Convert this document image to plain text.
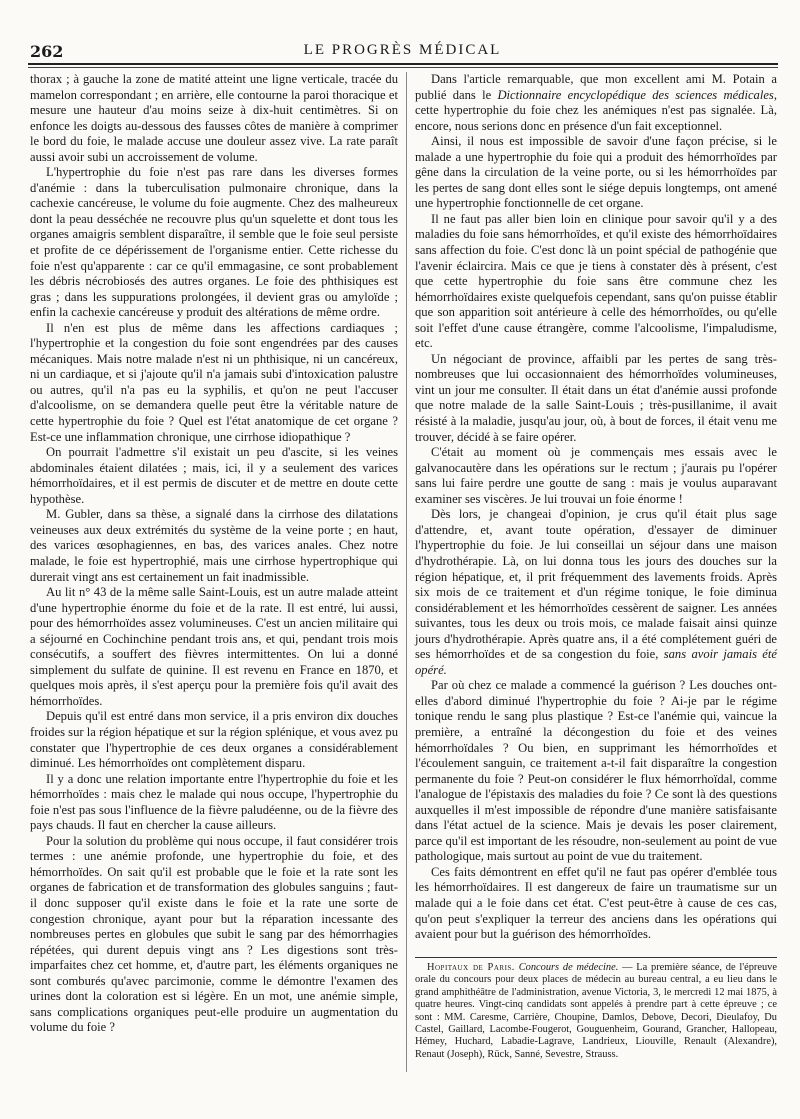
262	LE PROGRÈS MÉDICAL

thorax ; à gauche la zone de matité atteint une ligne verticale, tracée du mamelon correspondant ; en arrière, elle contourne la paroi thoracique et mesure une hauteur d'au moins seize à dix-huit centimètres. Si on enfonce les doigts au-dessous des fausses côtes de manière à comprimer le bord du foie, le malade accuse une douleur assez vive. La rate paraît aussi avoir subi un accroissement de volume.

L'hypertrophie du foie n'est pas rare dans les diverses formes d'anémie : dans la tuberculisation pulmonaire chronique, dans la cachexie cancéreuse, le volume du foie augmente. Chez des malheureux dont la peau desséchée ne recouvre plus qu'un squelette et dont tous les organes amaigris semblent disparaître, il semble que le foie seul persiste et profite de ce dépérissement de l'organisme entier. Cette richesse du foie n'est qu'apparente : car ce qu'il emmagasine, ce sont probablement les débris nécrobiosés des autres organes. Le foie des phthisiques est gras ; dans les suppurations prolongées, il devient gras ou amyloïde ; enfin la cachexie cancéreuse y produit des altérations de même ordre.

Il n'en est plus de même dans les affections cardiaques ; l'hypertrophie et la congestion du foie sont engendrées par des causes mécaniques. Mais notre malade n'est ni un phthisique, ni un cancéreux, ni un cardiaque, et si j'ajoute qu'il n'a jamais subi d'intoxication palustre ou autres, qu'il n'a pas eu la syphilis, et qu'on ne peut l'accuser d'alcoolisme, on se demandera quelle peut être la véritable nature de cette hypertrophie du foie ? Quel est l'état anatomique de cet organe ? Est-ce une inflammation chronique, une cirrhose idiopathique ?

On pourrait l'admettre s'il existait un peu d'ascite, si les veines abdominales étaient dilatées ; mais, ici, il y a seulement des varices hémorrhoïdaires, et il est permis de discuter et de mettre en doute cette hypothèse.

M. Gubler, dans sa thèse, a signalé dans la cirrhose des dilatations veineuses aux deux extrémités du système de la veine porte ; en haut, des varices œsophagiennes, en bas, des varices anales. Chez notre malade, le foie est hypertrophié, mais une cirrhose hypertrophique qui durerait vingt ans est certainement un fait inadmissible.

Au lit n° 43 de la même salle Saint-Louis, est un autre malade atteint d'une hypertrophie énorme du foie et de la rate. Il est entré, lui aussi, pour des hémorrhoïdes assez volumineuses. C'est un ancien militaire qui a séjourné en Cochinchine pendant trois ans, et qui, pendant trois mois consécutifs, a souffert des fièvres intermittentes. On lui a donné simplement du sulfate de quinine. Il est revenu en France en 1870, et quelques mois après, il s'est aperçu pour la première fois qu'il avait des hémorrhoïdes.

Depuis qu'il est entré dans mon service, il a pris environ dix douches froides sur la région hépatique et sur la région splénique, et vous avez pu constater que l'hypertrophie de ces deux organes a considérablement diminué. Les hémorrhoïdes ont complètement disparu.

Il y a donc une relation importante entre l'hypertrophie du foie et les hémorrhoïdes : mais chez le malade qui nous occupe, l'hypertrophie du foie n'est pas sous l'influence de la fièvre paludéenne, ou de la fièvre des pays chauds. Il faut en chercher la cause ailleurs.

Pour la solution du problème qui nous occupe, il faut considérer trois termes : une anémie profonde, une hypertrophie du foie, et des hémorrhoïdes. On sait qu'il est probable que le foie et la rate sont les organes de fabrication et de transformation des globules sanguins ; faut-il donc supposer qu'il existe dans le foie et la rate une sorte de congestion chronique, ayant pour but la réparation incessante des nombreuses pertes en globules que subit le sang par des hémorrhagies répétées, qui durent depuis vingt ans ? Les digestions sont très-imparfaites chez cet homme, et, d'autre part, les éléments organiques ne sont comburés qu'avec parcimonie, comme le démontre l'examen des urines dont la coloration est si légère. En un mot, une anémie simple, sans complications organiques peut-elle produire un augmentation du volume du foie ?

Dans l'article remarquable, que mon excellent ami M. Potain a publié dans le Dictionnaire encyclopédique des sciences médicales, cette hypertrophie du foie chez les anémiques n'est pas signalée. Là, encore, nous serions donc en présence d'un fait exceptionnel.

Ainsi, il nous est impossible de savoir d'une façon précise, si le malade a une hypertrophie du foie qui a produit des hémorrhoïdes par gêne dans la circulation de la veine porte, ou si les hémorrhoïdes par les pertes de sang dont elles sont le siége depuis longtemps, ont amené une hypertrophie fonctionnelle de cet organe.

Il ne faut pas aller bien loin en clinique pour savoir qu'il y a des maladies du foie sans hémorrhoïdes, et qu'il existe des hémorrhoïdaires sans affection du foie. C'est donc là un point spécial de pathogénie que l'avenir éclaircira. Mais ce que je tiens à constater dès à présent, c'est que cette hypertrophie du foie sans être commune chez les hémorrhoïdaires existe quelquefois cependant, sans qu'on puisse établir que son apparition soit antérieure à celle des hémorrhoïdes, ou qu'elle soit l'effet d'une cause étrangère, comme l'alcoolisme, l'impaludisme, etc.

Un négociant de province, affaibli par les pertes de sang très-nombreuses que lui occasionnaient des hémorrhoïdes volumineuses, vint un jour me consulter. Il était dans un état d'anémie aussi profonde que notre malade de la salle Saint-Louis ; très-pusillanime, il avait résisté à la maladie, jusqu'au jour, où, à bout de forces, il était venu me trouver, décidé à se faire opérer.

C'était au moment où je commençais mes essais avec le galvanocautère dans les opérations sur le rectum ; j'aurais pu l'opérer sans lui faire perdre une goutte de sang : mais je voulus auparavant examiner ses viscères. Je lui trouvai un foie énorme !

Dès lors, je changeai d'opinion, je crus qu'il était plus sage d'attendre, et, avant toute opération, d'essayer de diminuer l'hypertrophie du foie. Je lui conseillai un séjour dans une maison d'hydrothérapie. Là, on lui donna tous les jours des douches sur la région hépatique, et, il prit fréquemment des lavements froids. Après six mois de ce traitement et d'un régime tonique, le foie diminua considérablement et les hémorrhoïdes cessèrent de saigner. Les années suivantes, tous les deux ou trois mois, ce malade faisait ainsi quinze jours d'hydrothérapie. Après quatre ans, il a été complétement guéri de ses hémorrhoïdes et de sa congestion du foie, sans avoir jamais été opéré.

Par où chez ce malade a commencé la guérison ? Les douches ont-elles d'abord diminué l'hypertrophie du foie ? Ai-je par le régime tonique rendu le sang plus plastique ? Est-ce l'anémie qui, vaincue la première, a entraîné la décongestion du foie et des veines hémorrhoïdales ? Ou bien, en supprimant les hémorrhoïdes et l'écoulement sanguin, ce traitement a-t-il fait disparaître la congestion permanente du foie ? Peut-on considérer le flux hémorrhoïdal, comme l'analogue de l'épistaxis des maladies du foie ? Ce sont là des questions auxquelles il m'est impossible de répondre d'une manière satisfaisante dans l'état actuel de la science. Mais je devais les poser clairement, parce qu'il est important de les résoudre, non-seulement au point de vue pathologique, mais surtout au point de vue du traitement.

Ces faits démontrent en effet qu'il ne faut pas opérer d'emblée tous les hémorrhoïdaires. Il est dangereux de faire un traumatisme sur un malade qui a le foie dans cet état. C'est peut-être à cause de ces cas, qu'on peut s'expliquer la terreur des anciens dans les opérations qui avaient pour but la guérison des hémorrhoïdes.

Hopitaux de Paris. Concours de médecine. — La première séance, de l'épreuve orale du concours pour deux places de médecin au bureau central, a eu lieu dans le grand amphithéâtre de l'administration, avenue Victoria, 3, le mercredi 12 mai 1875, à quatre heures. Vingt-cinq candidats sont appelés à prendre part à cette épreuve ; ce sont : MM. Caresme, Carrière, Choupine, Damlos, Debove, Decori, Dieulafoy, Du Castel, Gaillard, Lacombe-Fougerot, Gouguenheim, Gourand, Grancher, Hallopeau, Hémey, Huchard, Labadie-Lagrave, Landrieux, Liouville, Renault (Alexandre), Renaut (Joseph), Rück, Sanné, Sevestre, Strauss.
